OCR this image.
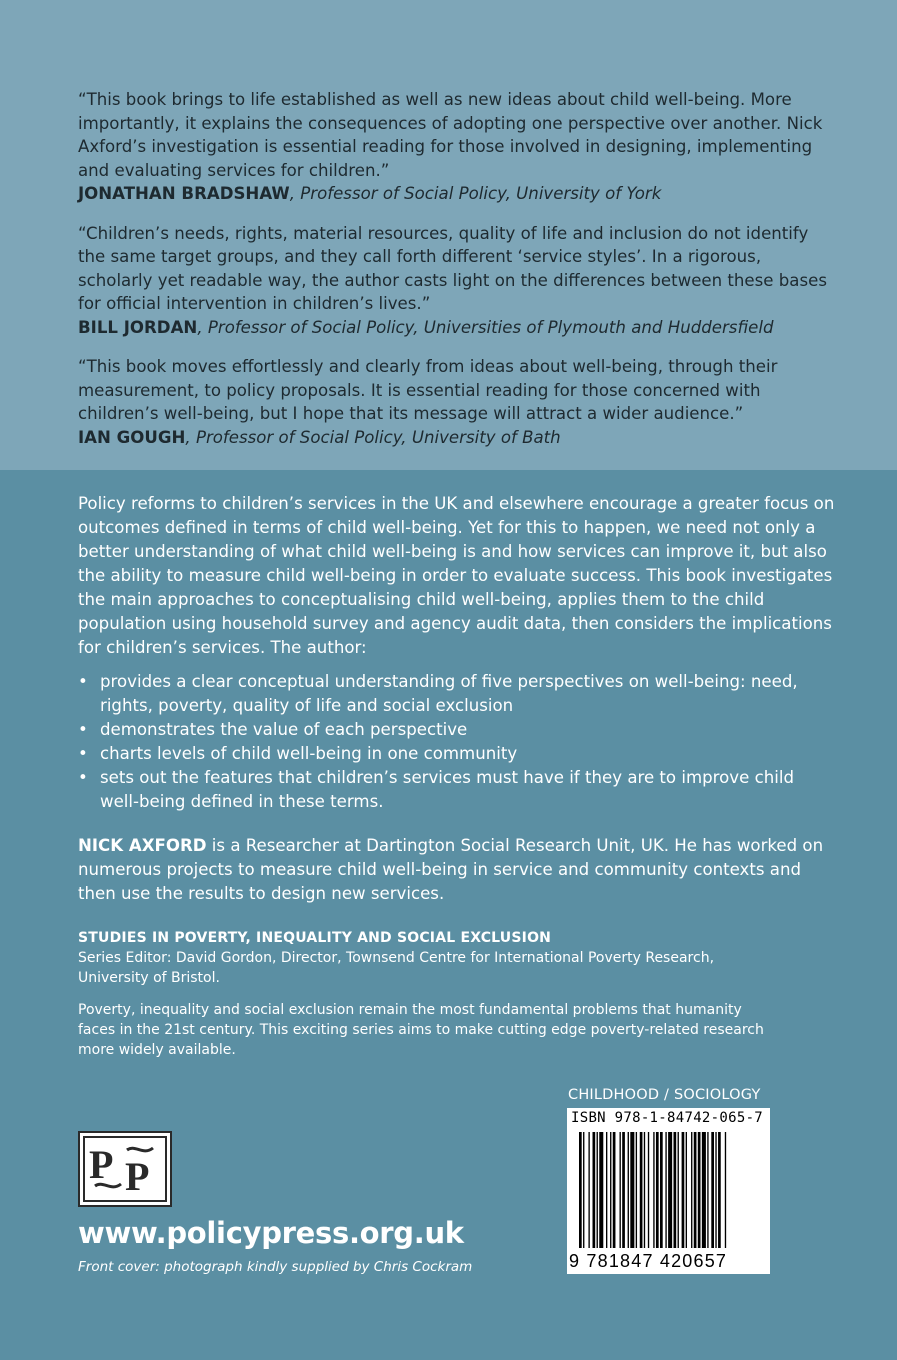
“This book brings to life established as well as new ideas about child well-being. More importantly, it explains the consequences of adopting one perspective over another. Nick Axford’s investigation is essential reading for those involved in designing, implementing and evaluating services for children.”

JONATHAN BRADSHAW, Professor of Social Policy, University of York

“Children’s needs, rights, material resources, quality of life and inclusion do not identify the same target groups, and they call forth different ‘service styles’. In a rigorous, scholarly yet readable way, the author casts light on the differences between these bases for official intervention in children’s lives.”

BILL JORDAN, Professor of Social Policy, Universities of Plymouth and Huddersfield

“This book moves effortlessly and clearly from ideas about well-being, through their measurement, to policy proposals. It is essential reading for those concerned with children’s well-being, but I hope that its message will attract a wider audience.”

IAN GOUGH, Professor of Social Policy, University of Bath

Policy reforms to children’s services in the UK and elsewhere encourage a greater focus on outcomes defined in terms of child well-being. Yet for this to happen, we need not only a better understanding of what child well-being is and how services can improve it, but also the ability to measure child well-being in order to evaluate success. This book investigates the main approaches to conceptualising child well-being, applies them to the child population using household survey and agency audit data, then considers the implications for children’s services. The author:

• provides a clear conceptual understanding of five perspectives on well-being: need, rights, poverty, quality of life and social exclusion
• demonstrates the value of each perspective
• charts levels of child well-being in one community
• sets out the features that children’s services must have if they are to improve child well-being defined in these terms.

NICK AXFORD is a Researcher at Dartington Social Research Unit, UK. He has worked on numerous projects to measure child well-being in service and community contexts and then use the results to design new services.

STUDIES IN POVERTY, INEQUALITY AND SOCIAL EXCLUSION
Series Editor: David Gordon, Director, Townsend Centre for International Poverty Research, University of Bristol.
Poverty, inequality and social exclusion remain the most fundamental problems that humanity faces in the 21st century. This exciting series aims to make cutting edge poverty-related research more widely available.
P P
www.policypress.org.uk
Front cover: photograph kindly supplied by Chris Cockram
CHILDHOOD / SOCIOLOGY
ISBN 978-1-84742-065-7
9 781847 420657
